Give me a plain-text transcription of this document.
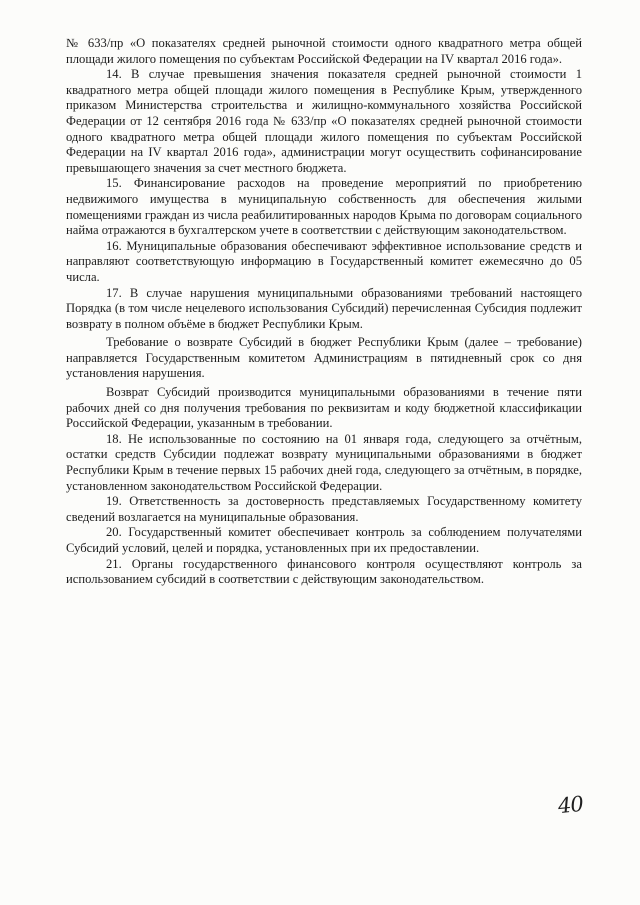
№ 633/пр «О показателях средней рыночной стоимости одного квадратного метра общей площади жилого помещения по субъектам Российской Федерации на IV квартал 2016 года».

14. В случае превышения значения показателя средней рыночной стоимости 1 квадратного метра общей площади жилого помещения в Республике Крым, утвержденного приказом Министерства строительства и жилищно-коммунального хозяйства Российской Федерации от 12 сентября 2016 года № 633/пр «О показателях средней рыночной стоимости одного квадратного метра общей площади жилого помещения по субъектам Российской Федерации на IV квартал 2016 года», администрации могут осуществить софинансирование превышающего значения за счет местного бюджета.

15. Финансирование расходов на проведение мероприятий по приобретению недвижимого имущества в муниципальную собственность для обеспечения жилыми помещениями граждан из числа реабилитированных народов Крыма по договорам социального найма отражаются в бухгалтерском учете в соответствии с действующим законодательством.

16. Муниципальные образования обеспечивают эффективное использование средств и направляют соответствующую информацию в Государственный комитет ежемесячно до 05 числа.

17. В случае нарушения муниципальными образованиями требований настоящего Порядка (в том числе нецелевого использования Субсидий) перечисленная Субсидия подлежит возврату в полном объёме в бюджет Республики Крым.

Требование о возврате Субсидий в бюджет Республики Крым (далее – требование) направляется Государственным комитетом Администрациям в пятидневный срок со дня установления нарушения.

Возврат Субсидий производится муниципальными образованиями в течение пяти рабочих дней со дня получения требования по реквизитам и коду бюджетной классификации Российской Федерации, указанным в требовании.

18. Не использованные по состоянию на 01 января года, следующего за отчётным, остатки средств Субсидии подлежат возврату муниципальными образованиями в бюджет Республики Крым в течение первых 15 рабочих дней года, следующего за отчётным, в порядке, установленном законодательством Российской Федерации.

19. Ответственность за достоверность представляемых Государственному комитету сведений возлагается на муниципальные образования.

20. Государственный комитет обеспечивает контроль за соблюдением получателями Субсидий условий, целей и порядка, установленных при их предоставлении.

21. Органы государственного финансового контроля осуществляют контроль за использованием субсидий в соответствии с действующим законодательством.

40
